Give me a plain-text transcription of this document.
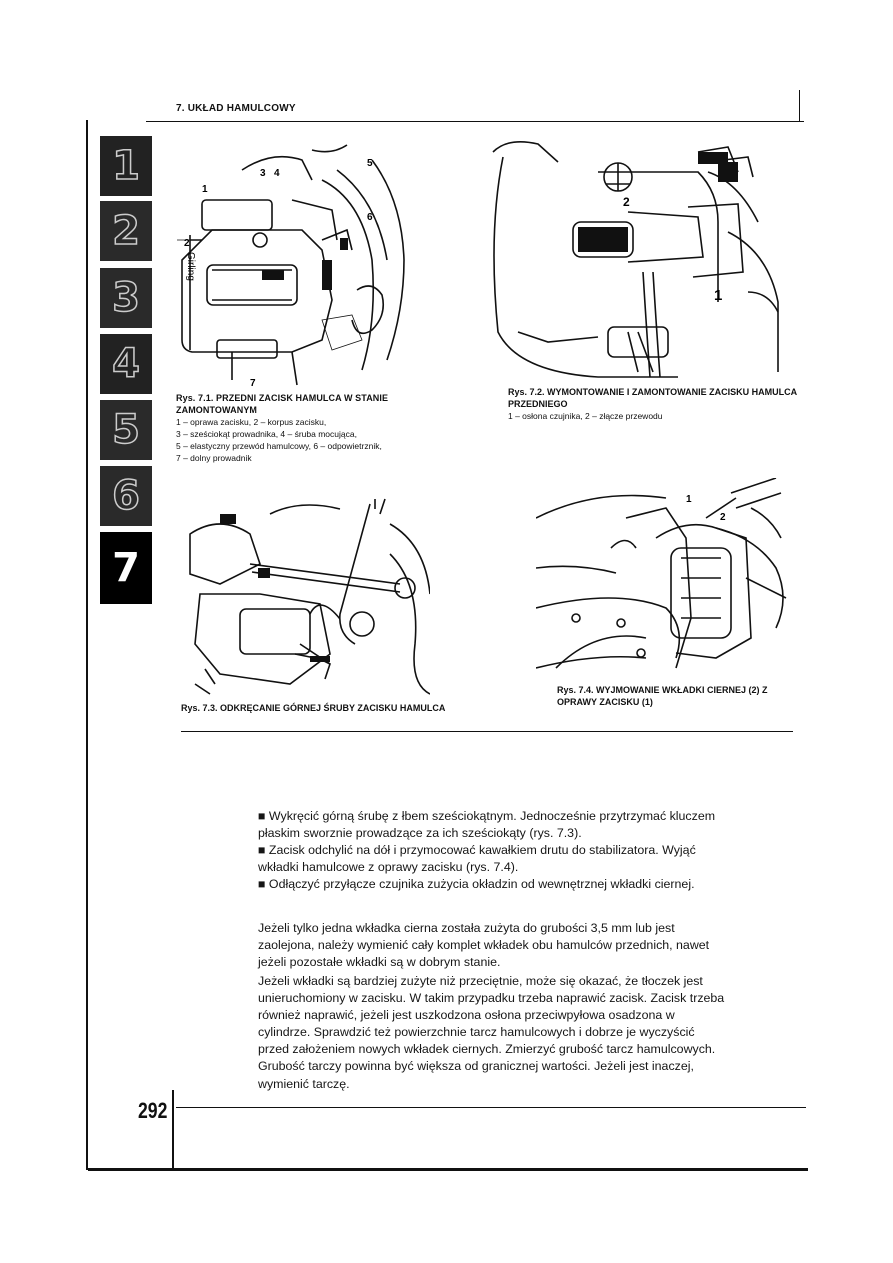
7. UKŁAD HAMULCOWY
1
2
3
4
5
6
7
2
1
3 4
5
6
7
Girling
Rys. 7.1. PRZEDNI ZACISK HAMULCA W STANIE ZAMONTOWANYM
1 – oprawa zacisku, 2 – korpus zacisku,
3 – sześciokąt prowadnika, 4 – śruba mocująca,
5 – elastyczny przewód hamulcowy, 6 – odpowietrznik,
7 – dolny prowadnik
2
1
Rys. 7.2. WYMONTOWANIE I ZAMONTOWANIE ZACISKU HAMULCA PRZEDNIEGO
1 – osłona czujnika, 2 – złącze przewodu
Rys. 7.3. ODKRĘCANIE GÓRNEJ ŚRUBY ZACISKU HAMULCA
1
2
Rys. 7.4. WYJMOWANIE WKŁADKI CIERNEJ (2) Z OPRAWY ZACISKU (1)

■ Wykręcić górną śrubę z łbem sześciokątnym. Jednocześnie przytrzymać kluczem płaskim sworznie prowadzące za ich sześciokąty (rys. 7.3).

■ Zacisk odchylić na dół i przymocować kawałkiem drutu do stabilizatora. Wyjąć wkładki hamulcowe z oprawy zacisku (rys. 7.4).

■ Odłączyć przyłącze czujnika zużycia okładzin od wewnętrznej wkładki ciernej.

Jeżeli tylko jedna wkładka cierna została zużyta do grubości 3,5 mm lub jest zaolejona, należy wymienić cały komplet wkładek obu hamulców przednich, nawet jeżeli pozostałe wkładki są w dobrym stanie.
Jeżeli wkładki są bardziej zużyte niż przeciętnie, może się okazać, że tłoczek jest unieruchomiony w zacisku. W takim przypadku trzeba naprawić zacisk. Zacisk trzeba również naprawić, jeżeli jest uszkodzona osłona przeciwpyłowa osadzona w cylindrze. Sprawdzić też powierzchnie tarcz hamulcowych i dobrze je wyczyścić przed założeniem nowych wkładek ciernych. Zmierzyć grubość tarcz hamulcowych. Grubość tarczy powinna być większa od granicznej wartości. Jeżeli jest inaczej, wymienić tarczę.
292
